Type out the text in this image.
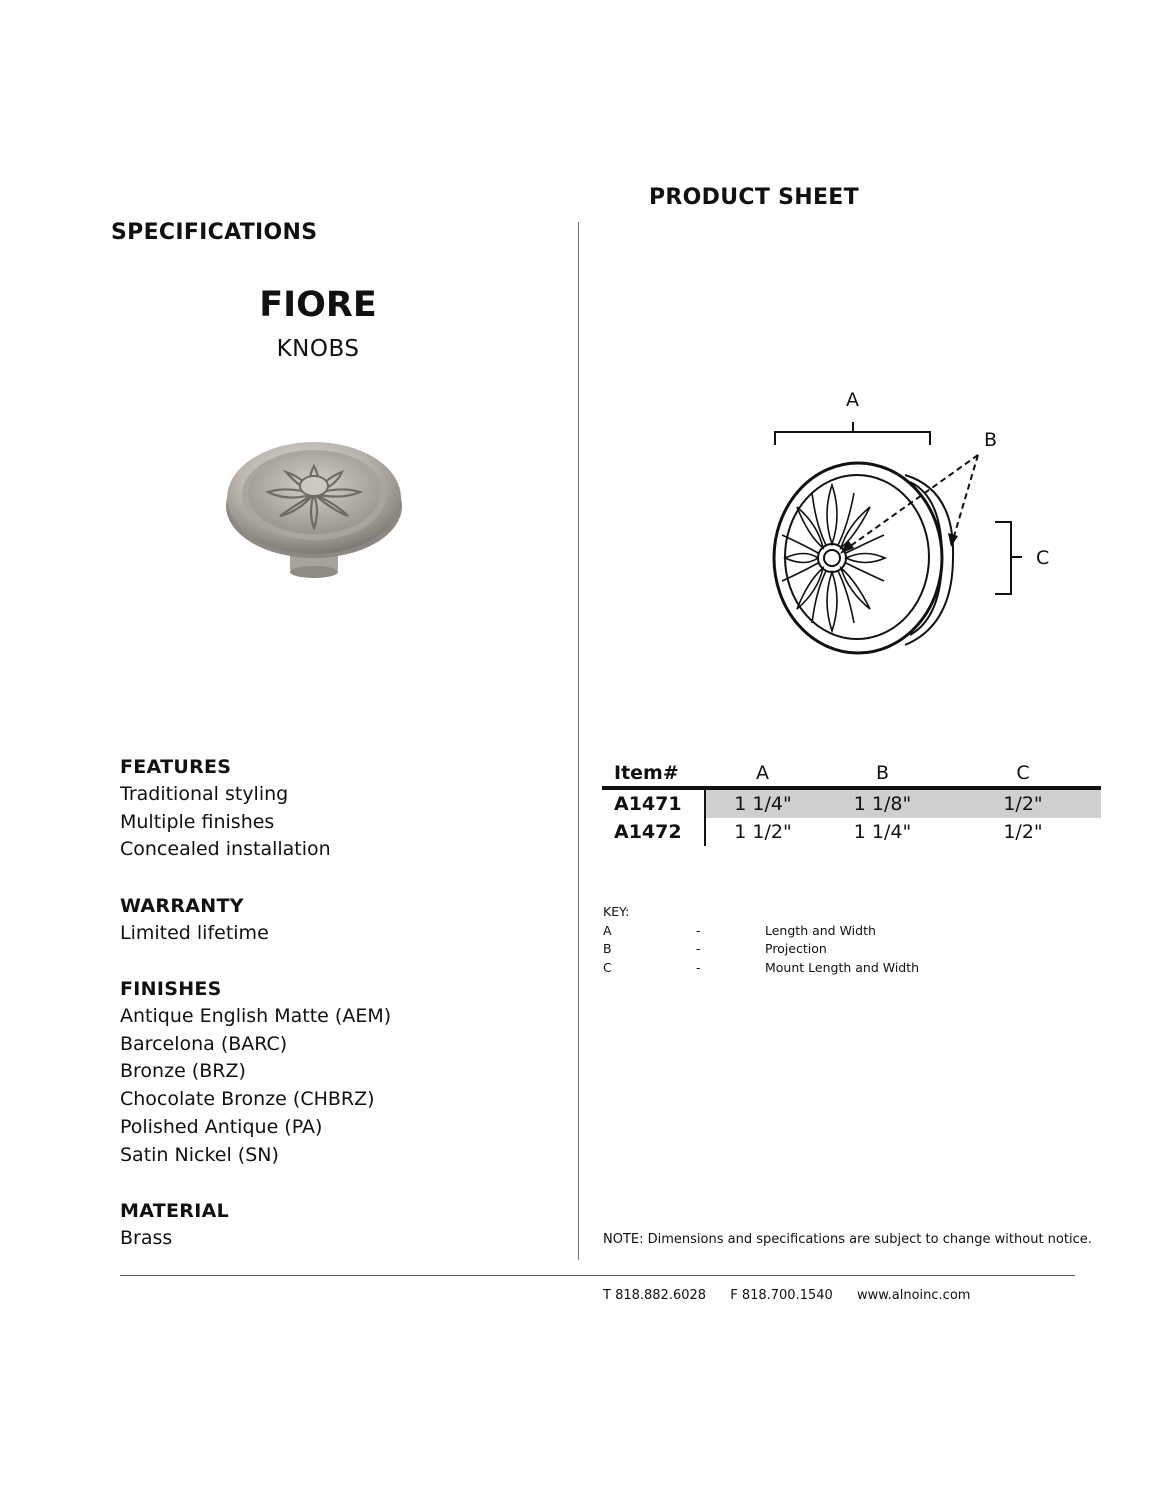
SPECIFICATIONS
PRODUCT SHEET
FIORE
KNOBS
FEATURES
Traditional styling
Multiple finishes
Concealed installation
WARRANTY
Limited lifetime
FINISHES
Antique English Matte (AEM)
Barcelona (BARC)
Bronze (BRZ)
Chocolate Bronze (CHBRZ)
Polished Antique (PA)
Satin Nickel (SN)
MATERIAL
Brass
A
B
C
Item#	A	B	C
A1471	1 1/4"	1 1/8"	1/2"
A1472	1 1/2"	1 1/4"	1/2"
KEY:
A	-	Length and Width
B	-	Projection
C	-	Mount Length and Width
NOTE: Dimensions and specifications are subject to change without notice.
T 818.882.6028 F 818.700.1540 www.alnoinc.com
